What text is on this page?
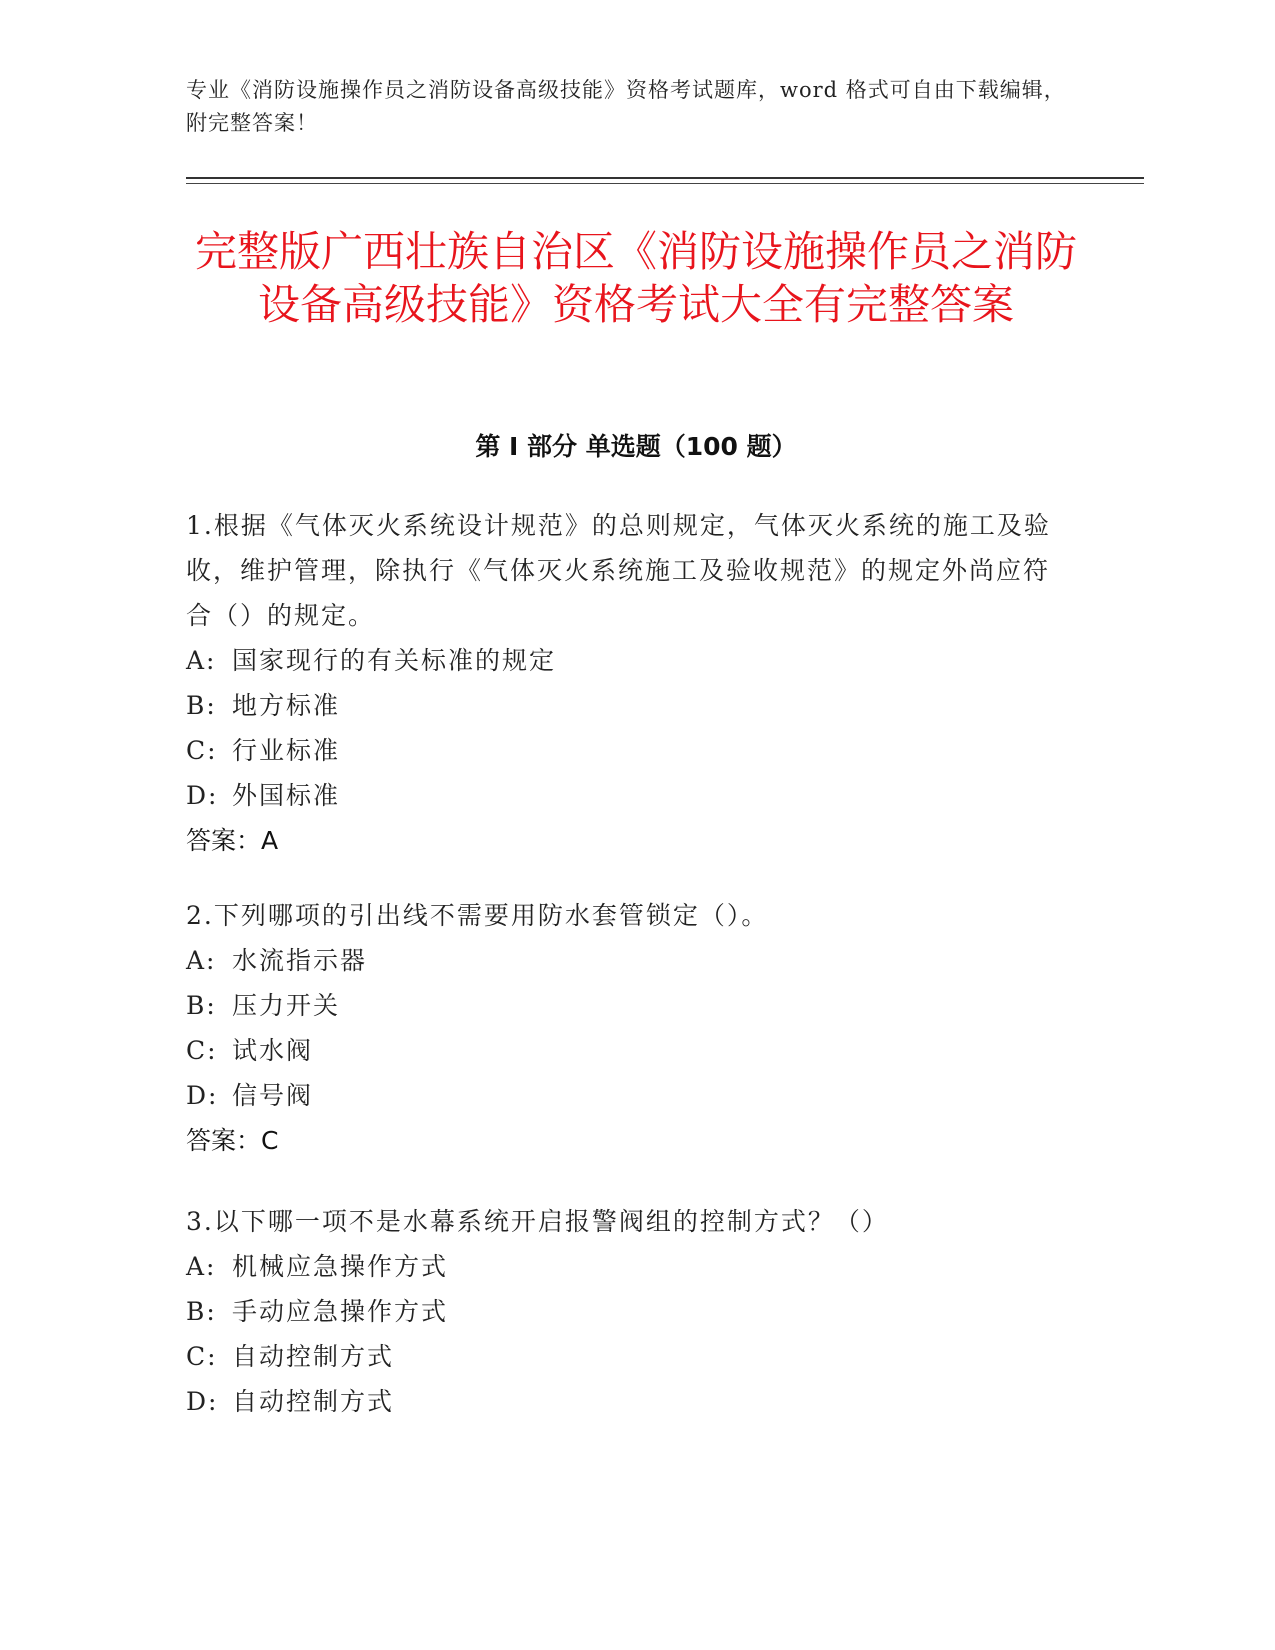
专业《消防设施操作员之消防设备高级技能》资格考试题库，word 格式可自由下载编辑，附完整答案！
完整版广西壮族自治区《消防设施操作员之消防设备高级技能》资格考试大全有完整答案
第 I 部分 单选题（100 题）
1.根据《气体灭火系统设计规范》的总则规定，气体灭火系统的施工及验收，维护管理，除执行《气体灭火系统施工及验收规范》的规定外尚应符合（）的规定。
A: 国家现行的有关标准的规定
B: 地方标准
C: 行业标准
D: 外国标准
答案：A
2.下列哪项的引出线不需要用防水套管锁定（）。
A: 水流指示器
B: 压力开关
C: 试水阀
D: 信号阀
答案：C
3.以下哪一项不是水幕系统开启报警阀组的控制方式？（）
A: 机械应急操作方式
B: 手动应急操作方式
C: 自动控制方式
D: 自动控制方式
